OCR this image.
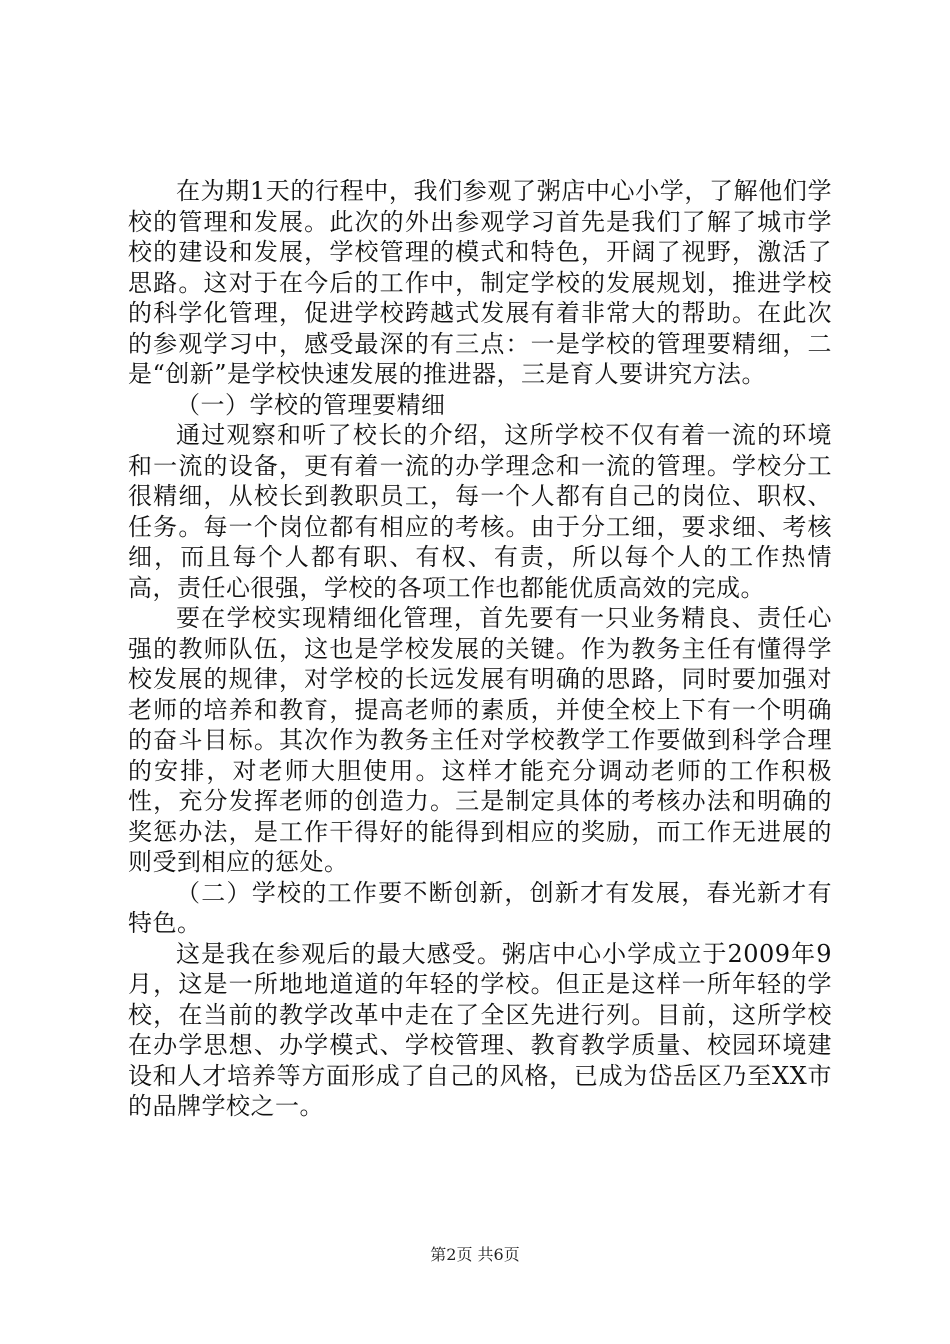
在为期1天的行程中，我们参观了粥店中心小学，了解他们学校的管理和发展。此次的外出参观学习首先是我们了解了城市学校的建设和发展，学校管理的模式和特色，开阔了视野，激活了思路。这对于在今后的工作中，制定学校的发展规划，推进学校的科学化管理，促进学校跨越式发展有着非常大的帮助。在此次的参观学习中，感受最深的有三点：一是学校的管理要精细，二是“创新”是学校快速发展的推进器，三是育人要讲究方法。

（一）学校的管理要精细

通过观察和听了校长的介绍，这所学校不仅有着一流的环境和一流的设备，更有着一流的办学理念和一流的管理。学校分工很精细，从校长到教职员工，每一个人都有自己的岗位、职权、任务。每一个岗位都有相应的考核。由于分工细，要求细、考核细，而且每个人都有职、有权、有责，所以每个人的工作热情高，责任心很强，学校的各项工作也都能优质高效的完成。

要在学校实现精细化管理，首先要有一只业务精良、责任心强的教师队伍，这也是学校发展的关键。作为教务主任有懂得学校发展的规律，对学校的长远发展有明确的思路，同时要加强对老师的培养和教育，提高老师的素质，并使全校上下有一个明确的奋斗目标。其次作为教务主任对学校教学工作要做到科学合理的安排，对老师大胆使用。这样才能充分调动老师的工作积极性，充分发挥老师的创造力。三是制定具体的考核办法和明确的奖惩办法，是工作干得好的能得到相应的奖励，而工作无进展的则受到相应的惩处。

（二）学校的工作要不断创新，创新才有发展，春光新才有特色。

这是我在参观后的最大感受。粥店中心小学成立于2009年9月，这是一所地地道道的年轻的学校。但正是这样一所年轻的学校，在当前的教学改革中走在了全区先进行列。目前，这所学校在办学思想、办学模式、学校管理、教育教学质量、校园环境建设和人才培养等方面形成了自己的风格，已成为岱岳区乃至XX市的品牌学校之一。

第2页 共6页
